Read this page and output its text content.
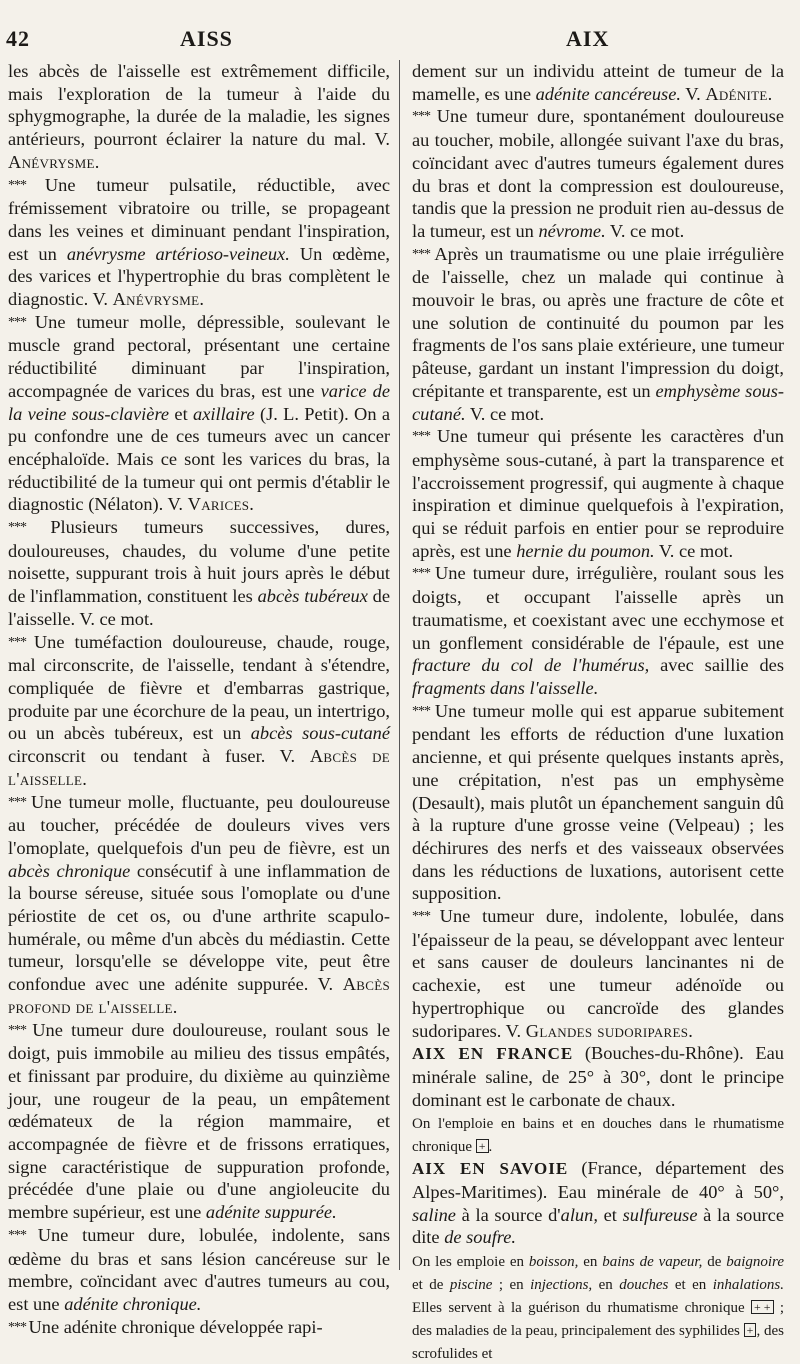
42	AISS	AIX

les abcès de l'aisselle est extrêmement difficile, mais l'exploration de la tumeur à l'aide du sphygmographe, la durée de la maladie, les signes antérieurs, pourront éclairer la nature du mal. V. Anévrysme.

*** Une tumeur pulsatile, réductible, avec frémissement vibratoire ou trille, se propageant dans les veines et diminuant pendant l'inspiration, est un anévrysme artérioso-veineux. Un œdème, des varices et l'hypertrophie du bras complètent le diagnostic. V. Anévrysme.

*** Une tumeur molle, dépressible, soulevant le muscle grand pectoral, présentant une certaine réductibilité diminuant par l'inspiration, accompagnée de varices du bras, est une varice de la veine sous-clavière et axillaire (J. L. Petit). On a pu confondre une de ces tumeurs avec un cancer encéphaloïde. Mais ce sont les varices du bras, la réductibilité de la tumeur qui ont permis d'établir le diagnostic (Nélaton). V. Varices.

*** Plusieurs tumeurs successives, dures, douloureuses, chaudes, du volume d'une petite noisette, suppurant trois à huit jours après le début de l'inflammation, constituent les abcès tubéreux de l'aisselle. V. ce mot.

*** Une tuméfaction douloureuse, chaude, rouge, mal circonscrite, de l'aisselle, tendant à s'étendre, compliquée de fièvre et d'embarras gastrique, produite par une écorchure de la peau, un intertrigo, ou un abcès tubéreux, est un abcès sous-cutané circonscrit ou tendant à fuser. V. Abcès de l'aisselle.

*** Une tumeur molle, fluctuante, peu douloureuse au toucher, précédée de douleurs vives vers l'omoplate, quelquefois d'un peu de fièvre, est un abcès chronique consécutif à une inflammation de la bourse séreuse, située sous l'omoplate ou d'une périostite de cet os, ou d'une arthrite scapulo-humérale, ou même d'un abcès du médiastin. Cette tumeur, lorsqu'elle se développe vite, peut être confondue avec une adénite suppurée. V. Abcès profond de l'aisselle.

*** Une tumeur dure douloureuse, roulant sous le doigt, puis immobile au milieu des tissus empâtés, et finissant par produire, du dixième au quinzième jour, une rougeur de la peau, un empâtement œdémateux de la région mammaire, et accompagnée de fièvre et de frissons erratiques, signe caractéristique de suppuration profonde, précédée d'une plaie ou d'une angioleucite du membre supérieur, est une adénite suppurée.

*** Une tumeur dure, lobulée, indolente, sans œdème du bras et sans lésion cancéreuse sur le membre, coïncidant avec d'autres tumeurs au cou, est une adénite chronique.

*** Une adénite chronique développée rapi-

dement sur un individu atteint de tumeur de la mamelle, es une adénite cancéreuse. V. Adénite.

*** Une tumeur dure, spontanément douloureuse au toucher, mobile, allongée suivant l'axe du bras, coïncidant avec d'autres tumeurs également dures du bras et dont la compression est douloureuse, tandis que la pression ne produit rien au-dessus de la tumeur, est un névrome. V. ce mot.

*** Après un traumatisme ou une plaie irrégulière de l'aisselle, chez un malade qui continue à mouvoir le bras, ou après une fracture de côte et une solution de continuité du poumon par les fragments de l'os sans plaie extérieure, une tumeur pâteuse, gardant un instant l'impression du doigt, crépitante et transparente, est un emphysème sous-cutané. V. ce mot.

*** Une tumeur qui présente les caractères d'un emphysème sous-cutané, à part la transparence et l'accroissement progressif, qui augmente à chaque inspiration et diminue quelquefois à l'expiration, qui se réduit parfois en entier pour se reproduire après, est une hernie du poumon. V. ce mot.

*** Une tumeur dure, irrégulière, roulant sous les doigts, et occupant l'aisselle après un traumatisme, et coexistant avec une ecchymose et un gonflement considérable de l'épaule, est une fracture du col de l'humérus, avec saillie des fragments dans l'aisselle.

*** Une tumeur molle qui est apparue subitement pendant les efforts de réduction d'une luxation ancienne, et qui présente quelques instants après, une crépitation, n'est pas un emphysème (Desault), mais plutôt un épanchement sanguin dû à la rupture d'une grosse veine (Velpeau) ; les déchirures des nerfs et des vaisseaux observées dans les réductions de luxations, autorisent cette supposition.

*** Une tumeur dure, indolente, lobulée, dans l'épaisseur de la peau, se développant avec lenteur et sans causer de douleurs lancinantes ni de cachexie, est une tumeur adénoïde ou hypertrophique ou cancroïde des glandes sudoripares. V. Glandes sudoripares.

AIX EN FRANCE (Bouches-du-Rhône). Eau minérale saline, de 25° à 30°, dont le principe dominant est le carbonate de chaux.

On l'emploie en bains et en douches dans le rhumatisme chronique + .

AIX EN SAVOIE (France, département des Alpes-Maritimes). Eau minérale de 40° à 50°, saline à la source d'alun, et sulfureuse à la source dite de soufre.

On les emploie en boisson, en bains de vapeur, de baignoire et de piscine ; en injections, en douches et en inhalations. Elles servent à la guérison du rhumatisme chronique + + ; des maladies de la peau, principalement des syphilides + , des scrofulides et
